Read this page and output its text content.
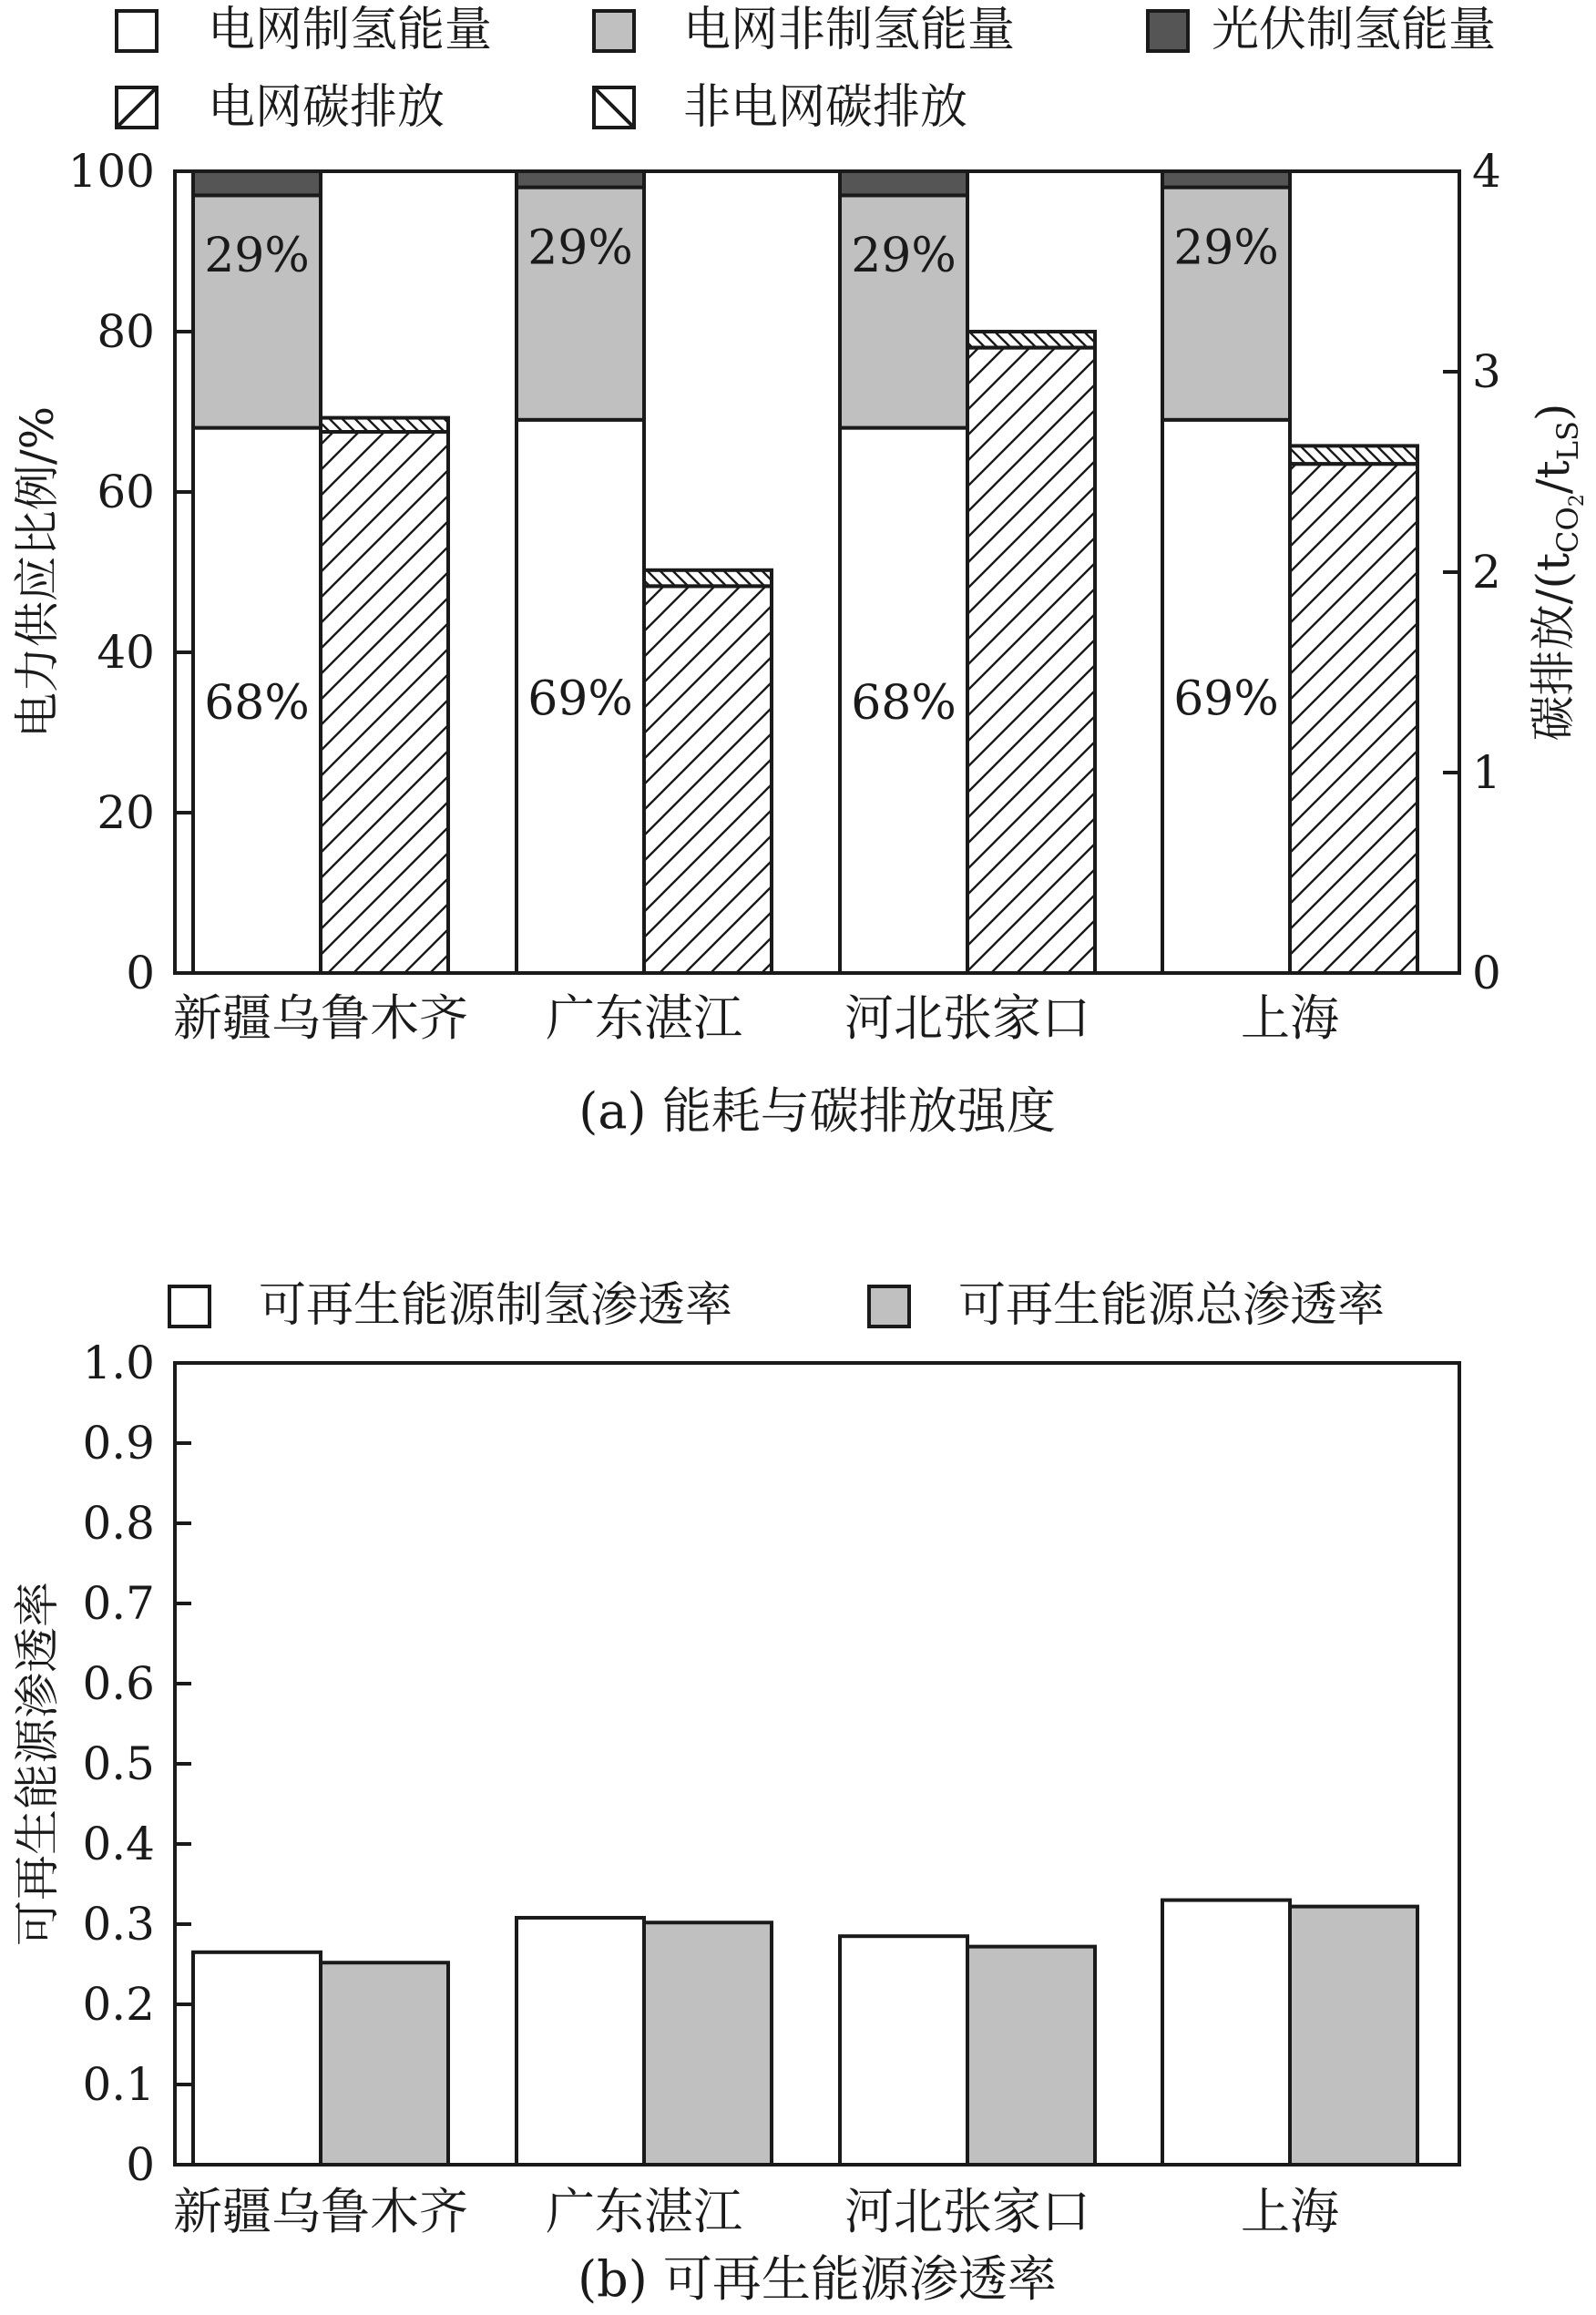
电网制氢能量	电网非制氢能量	光伏制氢能量
电网碳排放	非电网碳排放
68%
29%
69%
29%
68%
29%
69%
29%
0
20
40
60
80
100
0
1
2
3
4
新疆乌鲁木齐 广东湛江 河北张家口	上海
电力供应比例/%	碳排放$/(t_{CO}2/t_{LS})$
(a) 能耗与碳排放强度
可再生能源制氢渗透率	可再生能源总渗透率
0
0.1
0.2
0.3
0.4
0.5
0.6
0.7
0.8
0.9
1.0
新疆乌鲁木齐 广东湛江 河北张家口	上海
可再生能源渗透率
(b) 可再生能源渗透率
